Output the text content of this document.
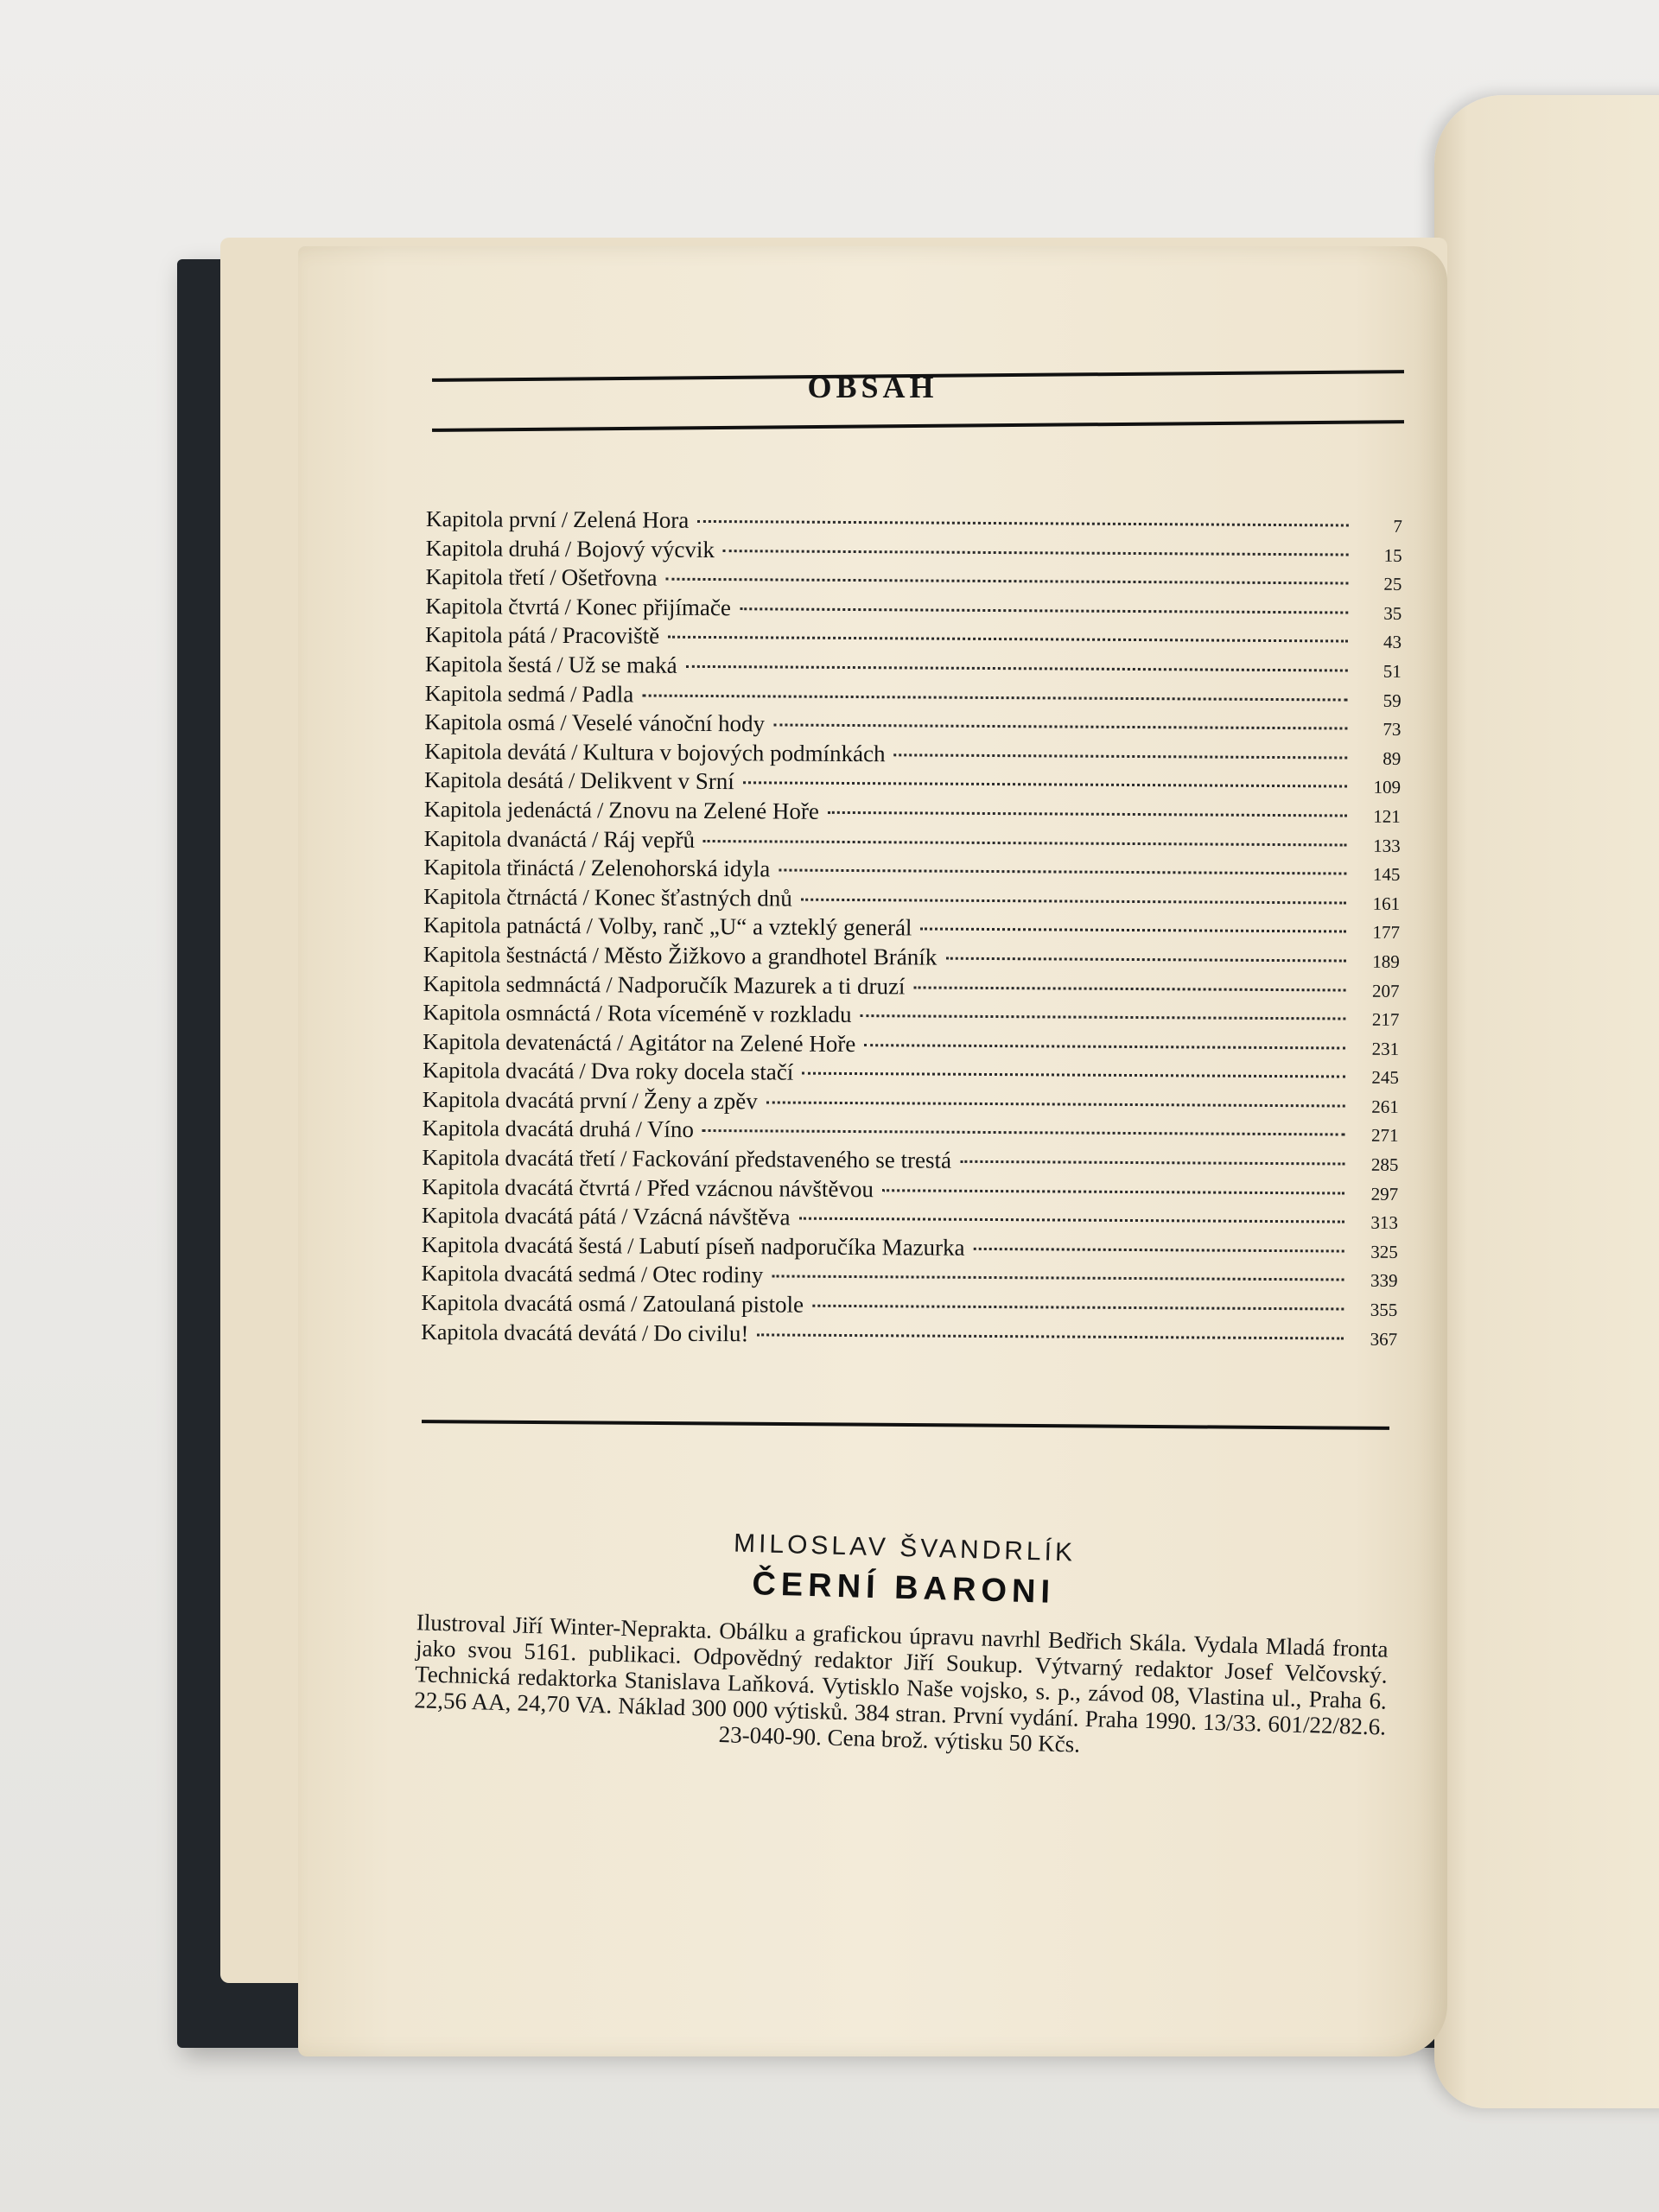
OBSAH
Kapitola první / Zelená Hora	7
Kapitola druhá / Bojový výcvik	15
Kapitola třetí / Ošetřovna	25
Kapitola čtvrtá / Konec přijímače	35
Kapitola pátá / Pracoviště	43
Kapitola šestá / Už se maká	51
Kapitola sedmá / Padla	59
Kapitola osmá / Veselé vánoční hody	73
Kapitola devátá / Kultura v bojových podmínkách	89
Kapitola desátá / Delikvent v Srní	109
Kapitola jedenáctá / Znovu na Zelené Hoře	121
Kapitola dvanáctá / Ráj vepřů	133
Kapitola třináctá / Zelenohorská idyla	145
Kapitola čtrnáctá / Konec šťastných dnů	161
Kapitola patnáctá / Volby, ranč „U“ a vzteklý generál	177
Kapitola šestnáctá / Město Žižkovo a grandhotel Bráník	189
Kapitola sedmnáctá / Nadporučík Mazurek a ti druzí	207
Kapitola osmnáctá / Rota víceméně v rozkladu	217
Kapitola devatenáctá / Agitátor na Zelené Hoře	231
Kapitola dvacátá / Dva roky docela stačí	245
Kapitola dvacátá první / Ženy a zpěv	261
Kapitola dvacátá druhá / Víno	271
Kapitola dvacátá třetí / Fackování představeného se trestá	285
Kapitola dvacátá čtvrtá / Před vzácnou návštěvou	297
Kapitola dvacátá pátá / Vzácná návštěva	313
Kapitola dvacátá šestá / Labutí píseň nadporučíka Mazurka	325
Kapitola dvacátá sedmá / Otec rodiny	339
Kapitola dvacátá osmá / Zatoulaná pistole	355
Kapitola dvacátá devátá / Do civilu!	367
MILOSLAV ŠVANDRLÍK
ČERNÍ BARONI
Ilustroval Jiří Winter-Neprakta. Obálku a grafickou úpravu navrhl Bedřich Skála. Vydala Mladá fronta jako svou 5161. publikaci. Odpovědný redaktor Jiří Soukup. Výtvarný redaktor Josef Velčovský. Technická redaktorka Stanislava Laňková. Vytisklo Naše vojsko, s. p., závod 08, Vlastina ul., Praha 6. 22,56 AA, 24,70 VA. Náklad 300 000 výtisků. 384 stran. První vydání. Praha 1990. 13/33. 601/22/82.6. 23-040-90. Cena brož. výtisku 50 Kčs.
